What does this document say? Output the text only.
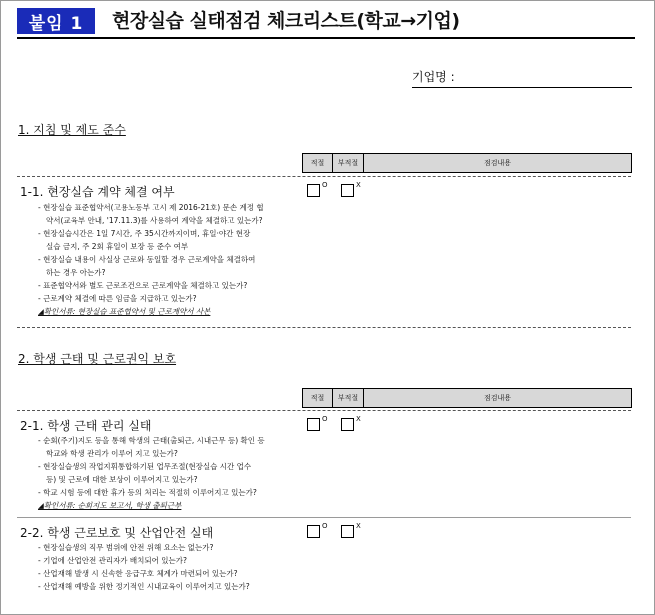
붙임 1	현장실습 실태점검 체크리스트(학교→기업)
기업명 :
1. 지침 및 제도 준수
적절	부적절	점검내용
1-1. 현장실습 계약 체결 여부	O	X

- 현장실습 표준협약서(고용노동부 고시 제 2016-21호) 문손 계정 협

약서(교육부 안내, '17.11.3)를 사용하여 계약을 체결하고 있는가?

- 현장실습시간은 1일 7시간, 주 35시간까지이며, 휴일·야간 현장

실습 금지, 주 2회 휴일이 보장 등 준수 여부

- 현장실습 내용이 사실상 근로와 동일할 경우 근로계약을 체결하여

하는 경우 아는가?

- 표준협약서와 별도 근로조건으로 근로계약을 체결하고 있는가?

- 근로계약 체결에 따른 임금을 지급하고 있는가?

◢확인서류: 현장실습 표준협약서 및 근로계약서 사본

2. 학생 근태 및 근로권익 보호
적절	부적절	점검내용
2-1. 학생 근태 관리 실태	O	X

- 순회(주기)지도 등을 통해 학생의 근태(출퇴근, 시내근무 등) 확인 등

학교와 학생 관리가 이루어 지고 있는가?

- 현장실습생의 작업지휘통합하기된 업무조절(현장실습 시간 업수

등) 및 근로에 대한 보상이 이루어지고 있는가?

- 학교 시험 등에 대한 휴가 등의 처리는 적절히 이루어지고 있는가?

◢확인서류: 순회지도 보고서, 학생 출퇴근부

2-2. 학생 근로보호 및 산업안전 실태	O	X

- 현장실습생의 직무 범위에 안전 위해 요소는 없는가?

- 기업에 산업안전 관리자가 배치되어 있는가?

- 산업재해 발생 시 신속한 응급구호 체계가 마련되어 있는가?

- 산업재해 예방을 위한 정기적인 시내교육이 이루어지고 있는가?
